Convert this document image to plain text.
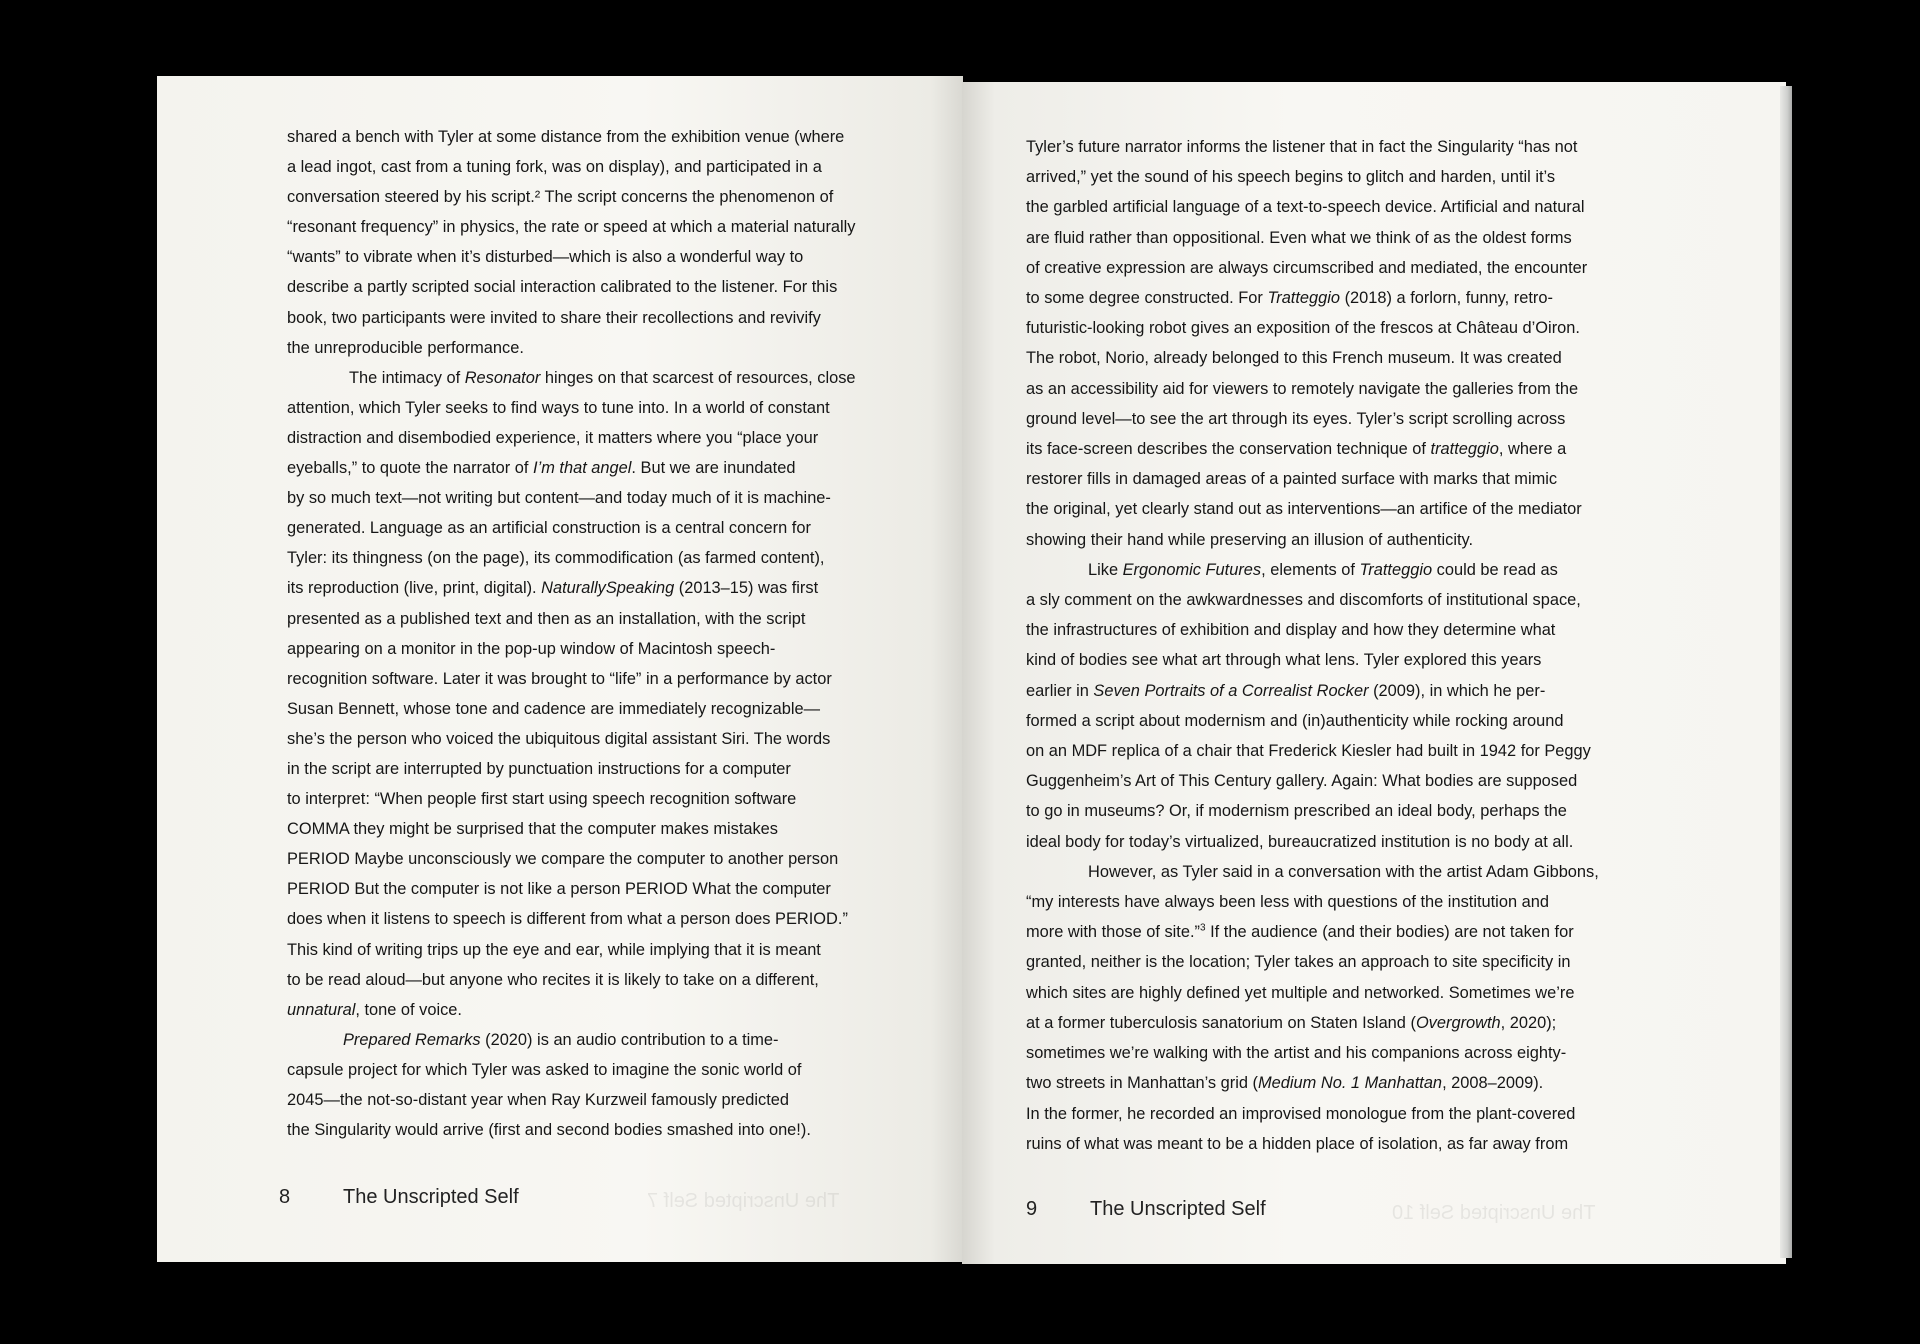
shared a bench with Tyler at some distance from the exhibition venue (where
a lead ingot, cast from a tuning fork, was on display), and participated in a
conversation steered by his script.² The script concerns the phenomenon of
“resonant frequency” in physics, the rate or speed at which a material naturally
“wants” to vibrate when it’s disturbed—which is also a wonderful way to
describe a partly scripted social interaction calibrated to the listener. For this
book, two participants were invited to share their recollections and revivify
the unreproducible performance.
The intimacy of Resonator hinges on that scarcest of resources, close
attention, which Tyler seeks to find ways to tune into. In a world of constant
distraction and disembodied experience, it matters where you “place your
eyeballs,” to quote the narrator of I’m that angel. But we are inundated
by so much text—not writing but content—and today much of it is machine-
generated. Language as an artificial construction is a central concern for
Tyler: its thingness (on the page), its commodification (as farmed content),
its reproduction (live, print, digital). NaturallySpeaking (2013–15) was first
presented as a published text and then as an installation, with the script
appearing on a monitor in the pop-up window of Macintosh speech-
recognition software. Later it was brought to “life” in a performance by actor
Susan Bennett, whose tone and cadence are immediately recognizable—
she’s the person who voiced the ubiquitous digital assistant Siri. The words
in the script are interrupted by punctuation instructions for a computer
to interpret: “When people first start using speech recognition software
COMMA they might be surprised that the computer makes mistakes
PERIOD Maybe unconsciously we compare the computer to another person
PERIOD But the computer is not like a person PERIOD What the computer
does when it listens to speech is different from what a person does PERIOD.”
This kind of writing trips up the eye and ear, while implying that it is meant
to be read aloud—but anyone who recites it is likely to take on a different,
unnatural, tone of voice.
Prepared Remarks (2020) is an audio contribution to a time-
capsule project for which Tyler was asked to imagine the sonic world of
2045—the not-so-distant year when Ray Kurzweil famously predicted
the Singularity would arrive (first and second bodies smashed into one!).
8	The Unscripted Self	The Unscripted Self 7
Tyler’s future narrator informs the listener that in fact the Singularity “has not
arrived,” yet the sound of his speech begins to glitch and harden, until it’s
the garbled artificial language of a text-to-speech device. Artificial and natural
are fluid rather than oppositional. Even what we think of as the oldest forms
of creative expression are always circumscribed and mediated, the encounter
to some degree constructed. For Tratteggio (2018) a forlorn, funny, retro-
futuristic-looking robot gives an exposition of the frescos at Château d’Oiron.
The robot, Norio, already belonged to this French museum. It was created
as an accessibility aid for viewers to remotely navigate the galleries from the
ground level—to see the art through its eyes. Tyler’s script scrolling across
its face-screen describes the conservation technique of tratteggio, where a
restorer fills in damaged areas of a painted surface with marks that mimic
the original, yet clearly stand out as interventions—an artifice of the mediator
showing their hand while preserving an illusion of authenticity.
Like Ergonomic Futures, elements of Tratteggio could be read as
a sly comment on the awkwardnesses and discomforts of institutional space,
the infrastructures of exhibition and display and how they determine what
kind of bodies see what art through what lens. Tyler explored this years
earlier in Seven Portraits of a Correalist Rocker (2009), in which he per-
formed a script about modernism and (in)authenticity while rocking around
on an MDF replica of a chair that Frederick Kiesler had built in 1942 for Peggy
Guggenheim’s Art of This Century gallery. Again: What bodies are supposed
to go in museums? Or, if modernism prescribed an ideal body, perhaps the
ideal body for today’s virtualized, bureaucratized institution is no body at all.
However, as Tyler said in a conversation with the artist Adam Gibbons,
“my interests have always been less with questions of the institution and
more with those of site.”$^3$ If the audience (and their bodies) are not taken for
granted, neither is the location; Tyler takes an approach to site specificity in
which sites are highly defined yet multiple and networked. Sometimes we’re
at a former tuberculosis sanatorium on Staten Island (Overgrowth, 2020);
sometimes we’re walking with the artist and his companions across eighty-
two streets in Manhattan’s grid (Medium No. 1 Manhattan, 2008–2009).
In the former, he recorded an improvised monologue from the plant-covered
ruins of what was meant to be a hidden place of isolation, as far away from
9	The Unscripted Self	The Unscripted Self 10
